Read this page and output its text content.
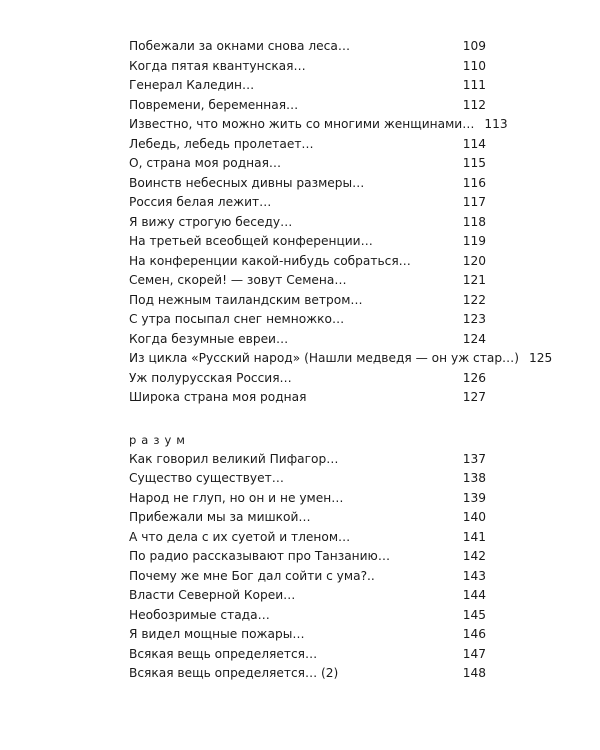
Побежали за окнами снова леса…	109
Когда пятая квантунская…	110
Генерал Каледин…	111
Повремени, беременная…	112
Известно, что можно жить со многими женщинами… 113
Лебедь, лебедь пролетает…	114
О, страна моя родная…	115
Воинств небесных дивны размеры…	116
Россия белая лежит…	117
Я вижу строгую беседу…	118
На третьей всеобщей конференции…	119
На конференции какой-нибудь собраться…	120
Семен, скорей! — зовут Семена…	121
Под нежным таиландским ветром…	122
С утра посыпал снег немножко…	123
Когда безумные евреи…	124
Из цикла «Русский народ» (Нашли медведя — он уж стар…) 125
Уж полурусская Россия…	126
Широка страна моя родная	127
разум
Как говорил великий Пифагор…	137
Существо существует…	138
Народ не глуп, но он и не умен…	139
Прибежали мы за мишкой…	140
А что дела с их суетой и тленом…	141
По радио рассказывают про Танзанию…	142
Почему же мне Бог дал сойти с ума?..	143
Власти Северной Кореи…	144
Необозримые стада…	145
Я видел мощные пожары…	146
Всякая вещь определяется…	147
Всякая вещь определяется… (2)	148
